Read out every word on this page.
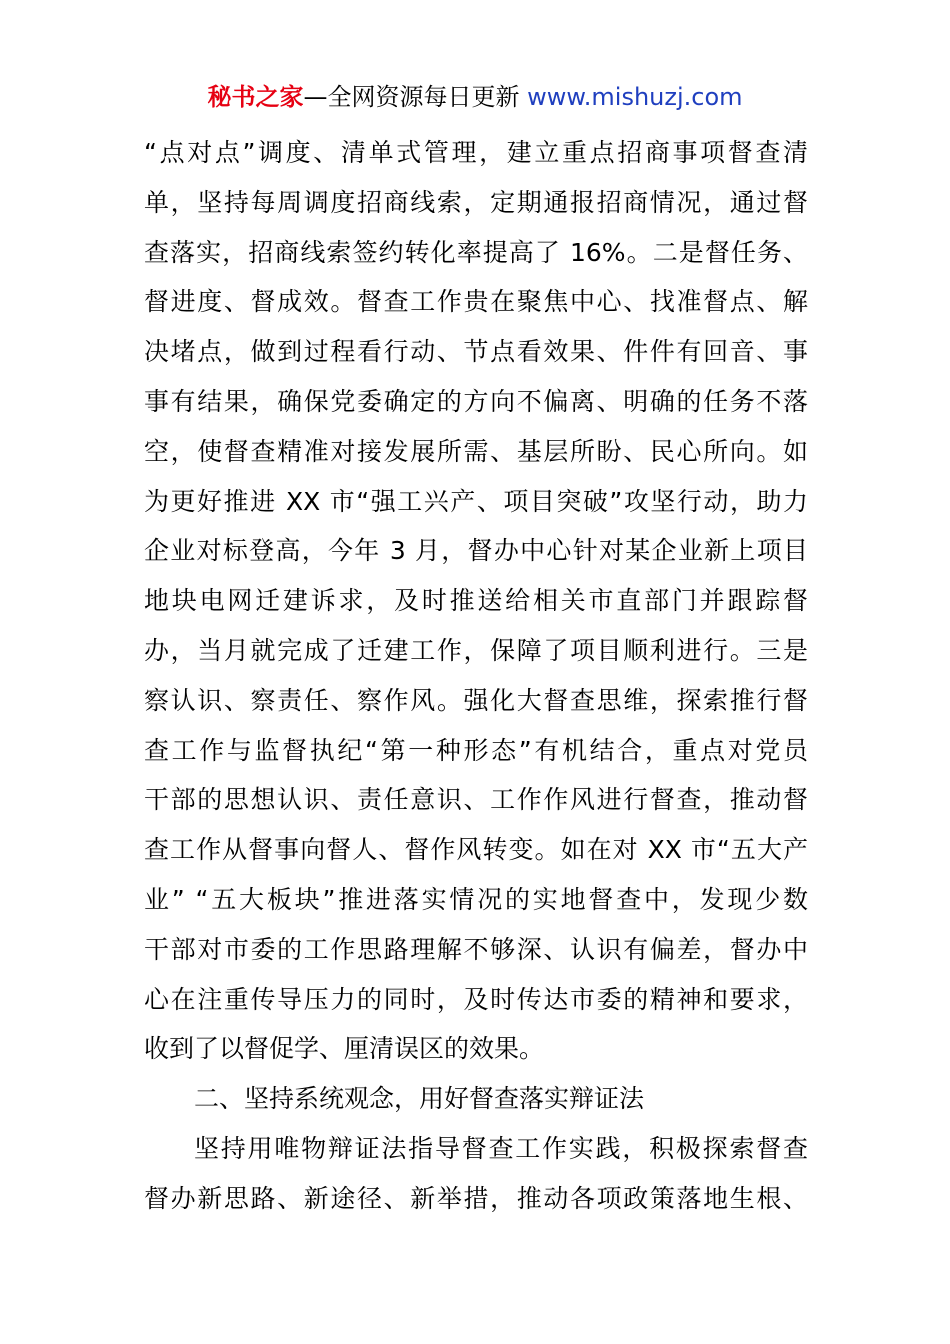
秘书之家—全网资源每日更新 www.mishuzj.com
“点对点”调度、清单式管理，建立重点招商事项督查清
单，坚持每周调度招商线索，定期通报招商情况，通过督
查落实，招商线索签约转化率提高了 16%。二是督任务、
督进度、督成效。督查工作贵在聚焦中心、找准督点、解
决堵点，做到过程看行动、节点看效果、件件有回音、事
事有结果，确保党委确定的方向不偏离、明确的任务不落
空，使督查精准对接发展所需、基层所盼、民心所向。如
为更好推进 XX 市“强工兴产、项目突破”攻坚行动，助力
企业对标登高，今年 3 月，督办中心针对某企业新上项目
地块电网迁建诉求，及时推送给相关市直部门并跟踪督
办，当月就完成了迁建工作，保障了项目顺利进行。三是
察认识、察责任、察作风。强化大督查思维，探索推行督
查工作与监督执纪“第一种形态”有机结合，重点对党员
干部的思想认识、责任意识、工作作风进行督查，推动督
查工作从督事向督人、督作风转变。如在对 XX 市“五大产
业” “五大板块”推进落实情况的实地督查中，发现少数
干部对市委的工作思路理解不够深、认识有偏差，督办中
心在注重传导压力的同时，及时传达市委的精神和要求，
收到了以督促学、厘清误区的效果。
二、坚持系统观念，用好督查落实辩证法
坚持用唯物辩证法指导督查工作实践，积极探索督查
督办新思路、新途径、新举措，推动各项政策落地生根、
